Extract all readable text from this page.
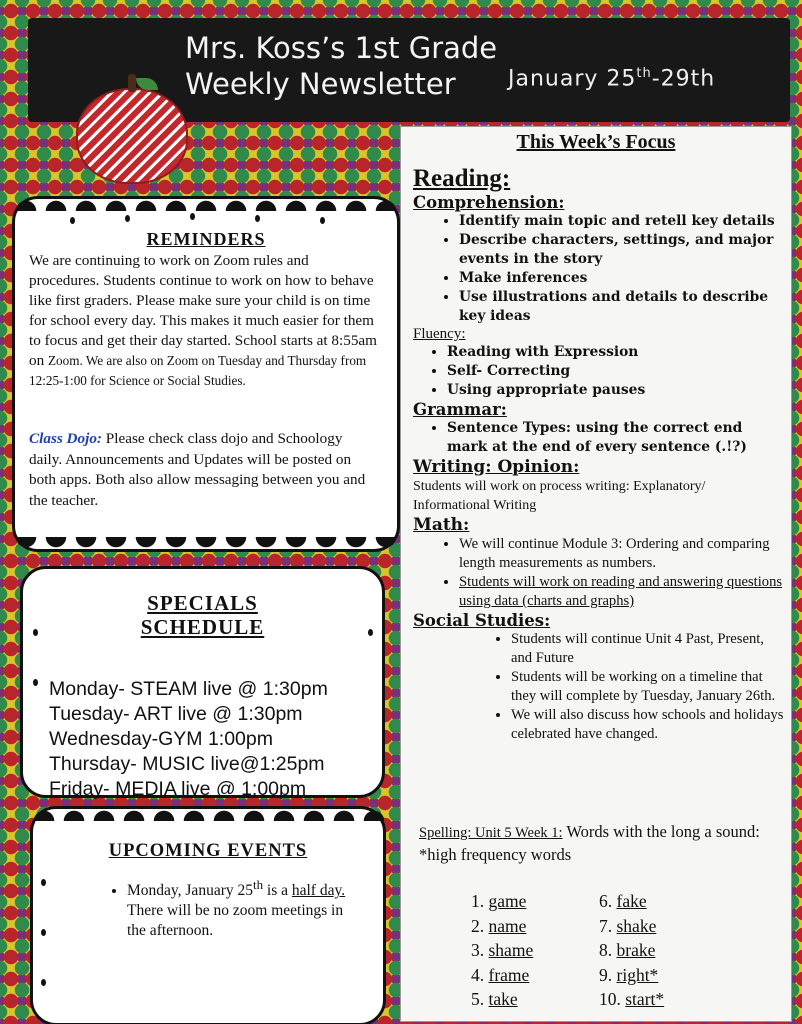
Mrs. Koss’s 1st Grade
Weekly Newsletter	January 25th-29th
REMINDERS
We are continuing to work on Zoom rules and procedures. Students continue to work on how to behave like first graders. Please make sure your child is on time for school every day. This makes it much easier for them to focus and get their day started. School starts at 8:55am on Zoom. We are also on Zoom on Tuesday and Thursday from 12:25-1:00 for Science or Social Studies.
Class Dojo: Please check class dojo and Schoology daily. Announcements and Updates will be posted on both apps. Both also allow messaging between you and the teacher.
SPECIALS
SCHEDULE
Monday- STEAM live @ 1:30pm
Tuesday- ART live @ 1:30pm
Wednesday-GYM 1:00pm
Thursday- MUSIC live@1:25pm
Friday- MEDIA live @ 1:00pm
UPCOMING EVENTS
• Monday, January 25th is a half day. There will be no zoom meetings in the afternoon.
This Week’s Focus
Reading:
Comprehension:
• Identify main topic and retell key details
• Describe characters, settings, and major events in the story
• Make inferences
• Use illustrations and details to describe key ideas
Fluency:
• Reading with Expression
• Self- Correcting
• Using appropriate pauses
Grammar:
• Sentence Types: using the correct end mark at the end of every sentence (.!?)
Writing: Opinion:
Students will work on process writing: Explanatory/ Informational Writing
Math:
• We will continue Module 3: Ordering and comparing length measurements as numbers.
• Students will work on reading and answering questions using data (charts and graphs)
Social Studies:
• Students will continue Unit 4 Past, Present, and Future
• Students will be working on a timeline that they will complete by Tuesday, January 26th.
• We will also discuss how schools and holidays celebrated have changed.
Spelling: Unit 5 Week 1: Words with the long a sound:
*high frequency words
1. game
2. name
3. shame
4. frame
5. take
6. fake
7. shake
8. brake
9. right*
10. start*
